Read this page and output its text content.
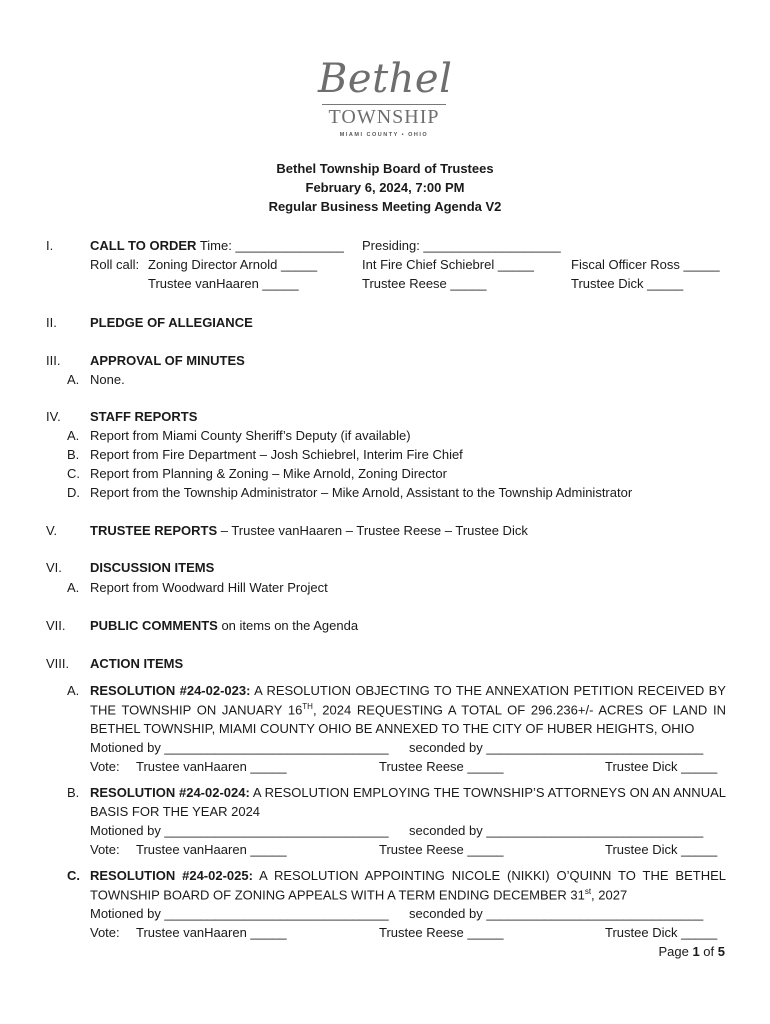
Bethel
TOWNSHIP
MIAMI COUNTY • OHIO
Bethel Township Board of Trustees
February 6, 2024, 7:00 PM
Regular Business Meeting Agenda V2
I.	CALL TO ORDER Time: _______________ Presiding: ___________________
Roll call: Zoning Director Arnold _____	Int Fire Chief Schiebrel _____	Fiscal Officer Ross _____
Trustee vanHaaren _____	Trustee Reese _____	Trustee Dick _____
II.	PLEDGE OF ALLEGIANCE
III. APPROVAL OF MINUTES
A. None.
IV. STAFF REPORTS
A. Report from Miami County Sheriff’s Deputy (if available)
B. Report from Fire Department – Josh Schiebrel, Interim Fire Chief
C. Report from Planning & Zoning – Mike Arnold, Zoning Director
D. Report from the Township Administrator – Mike Arnold, Assistant to the Township Administrator
V.	TRUSTEE REPORTS – Trustee vanHaaren – Trustee Reese – Trustee Dick
VI. DISCUSSION ITEMS
A. Report from Woodward Hill Water Project
VII. PUBLIC COMMENTS on items on the Agenda
VIII. ACTION ITEMS
A. RESOLUTION #24-02-023: A RESOLUTION OBJECTING TO THE ANNEXATION PETITION RECEIVED BY
THE TOWNSHIP ON JANUARY 16TH, 2024 REQUESTING A TOTAL OF 296.236+/- ACRES OF LAND IN
BETHEL TOWNSHIP, MIAMI COUNTY OHIO BE ANNEXED TO THE CITY OF HUBER HEIGHTS, OHIO
Motioned by _______________________________ seconded by ______________________________
Vote: Trustee vanHaaren _____	Trustee Reese _____	Trustee Dick _____
B. RESOLUTION #24-02-024: A RESOLUTION EMPLOYING THE TOWNSHIP’S ATTORNEYS ON AN ANNUAL
BASIS FOR THE YEAR 2024
Motioned by _______________________________ seconded by ______________________________
Vote: Trustee vanHaaren _____	Trustee Reese _____	Trustee Dick _____
C. RESOLUTION #24-02-025: A RESOLUTION APPOINTING NICOLE (NIKKI) O’QUINN TO THE BETHEL
TOWNSHIP BOARD OF ZONING APPEALS WITH A TERM ENDING DECEMBER 31st, 2027
Motioned by _______________________________ seconded by ______________________________
Vote: Trustee vanHaaren _____	Trustee Reese _____	Trustee Dick _____
Page 1 of 5
